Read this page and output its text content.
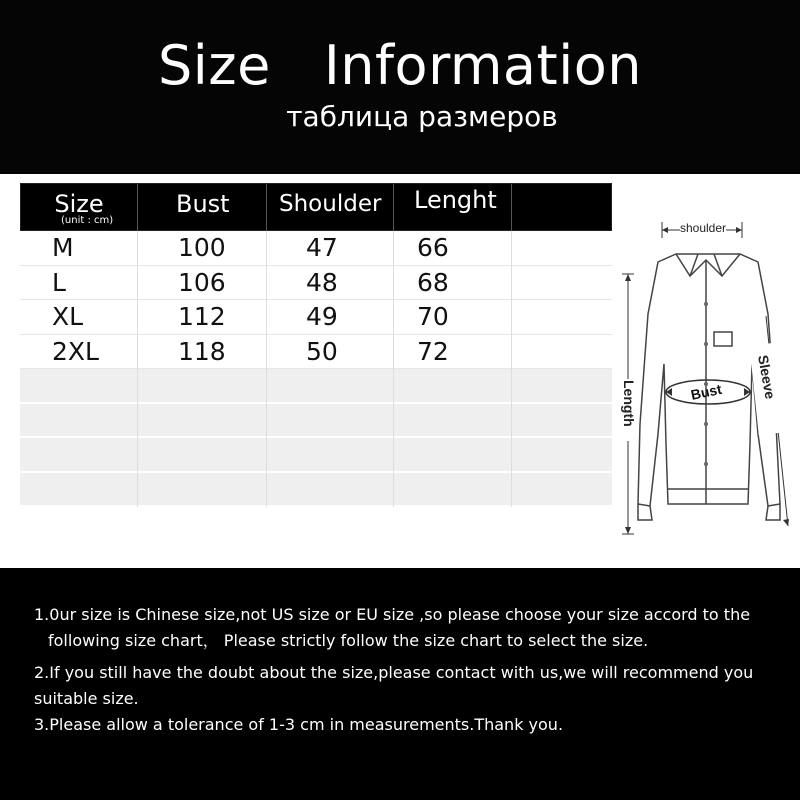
Size   Information
таблица размеров
Size
(unit : cm)
Bust	Shoulder	Lenght
M	100	47	66
L	106	48	68
XL	112	49	70
2XL	118	50	72
shoulder
Length	Bust Sleeve
1.0ur size is Chinese size,not US size or EU size ,so please choose your size accord to the
following size chart， Please strictly follow the size chart to select the size.
2.If you still have the doubt about the size,please contact with us,we will recommend you
suitable size.
3.Please allow a tolerance of 1-3 cm in measurements.Thank you.
